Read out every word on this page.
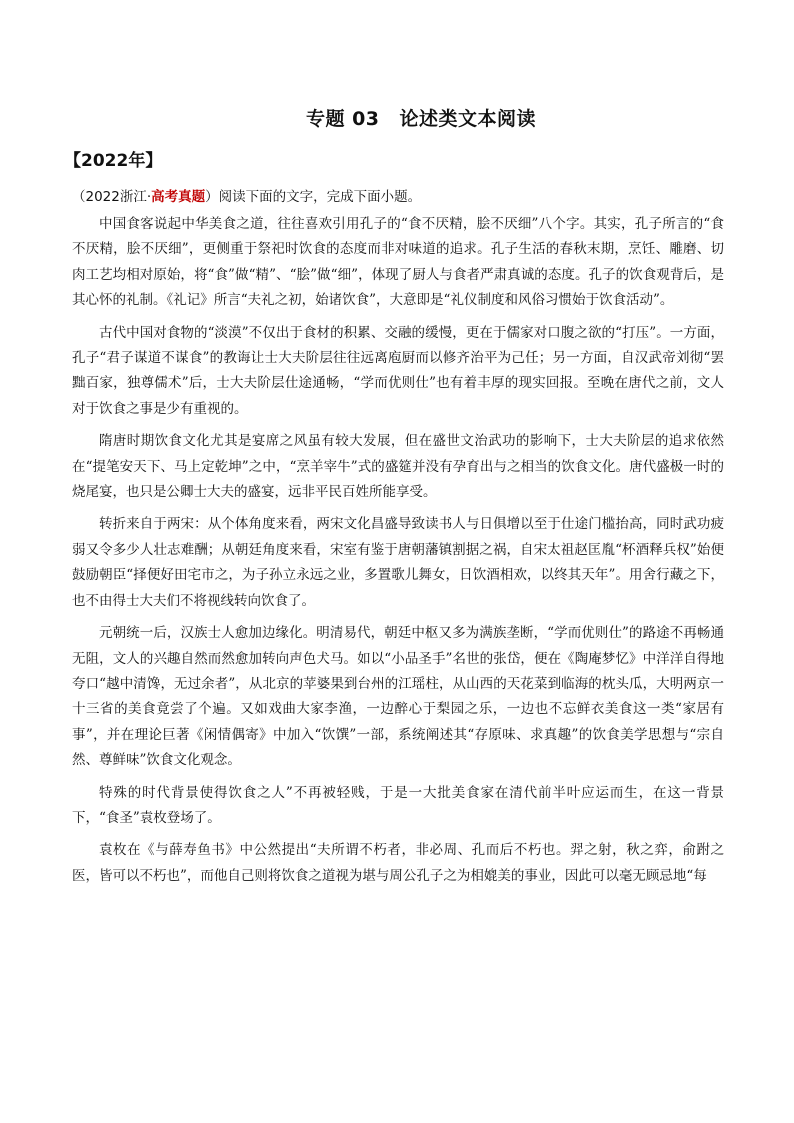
专题 03 论述类文本阅读
【2022年】
（2022浙江·高考真题）阅读下面的文字，完成下面小题。

中国食客说起中华美食之道，往往喜欢引用孔子的“食不厌精，脍不厌细”八个字。其实，孔子所言的“食不厌精，脍不厌细”，更侧重于祭祀时饮食的态度而非对味道的追求。孔子生活的春秋末期，烹饪、雕磨、切肉工艺均相对原始，将“食”做“精”、“脍”做“细”，体现了厨人与食者严肃真诚的态度。孔子的饮食观背后，是其心怀的礼制。《礼记》所言“夫礼之初，始诸饮食”，大意即是“礼仪制度和风俗习惯始于饮食活动”。

古代中国对食物的“淡漠”不仅出于食材的积累、交融的缓慢，更在于儒家对口腹之欲的“打压”。一方面，孔子“君子谋道不谋食”的教诲让士大夫阶层往往远离庖厨而以修齐治平为己任；另一方面，自汉武帝刘彻“罢黜百家，独尊儒术”后，士大夫阶层仕途通畅，“学而优则仕”也有着丰厚的现实回报。至晚在唐代之前，文人对于饮食之事是少有重视的。

隋唐时期饮食文化尤其是宴席之风虽有较大发展，但在盛世文治武功的影响下，士大夫阶层的追求依然在“提笔安天下、马上定乾坤”之中，“烹羊宰牛”式的盛筵并没有孕育出与之相当的饮食文化。唐代盛极一时的烧尾宴，也只是公卿士大夫的盛宴，远非平民百姓所能享受。

转折来自于两宋：从个体角度来看，两宋文化昌盛导致读书人与日俱增以至于仕途门槛抬高，同时武功疲弱又令多少人壮志难酬；从朝廷角度来看，宋室有鉴于唐朝藩镇割据之祸，自宋太祖赵匡胤“杯酒释兵权”始便鼓励朝臣“择便好田宅市之，为子孙立永远之业，多置歌儿舞女，日饮酒相欢，以终其天年”。用舍行藏之下，也不由得士大夫们不将视线转向饮食了。

元朝统一后，汉族士人愈加边缘化。明清易代，朝廷中枢又多为满族垄断，“学而优则仕”的路途不再畅通无阻，文人的兴趣自然而然愈加转向声色犬马。如以“小品圣手”名世的张岱，便在《陶庵梦忆》中洋洋自得地夸口“越中清馋，无过余者”，从北京的苹婆果到台州的江瑶柱，从山西的天花菜到临海的枕头瓜，大明两京一十三省的美食竟尝了个遍。又如戏曲大家李渔，一边醉心于梨园之乐，一边也不忘鲜衣美食这一类“家居有事”，并在理论巨著《闲情偶寄》中加入“饮馔”一部，系统阐述其“存原味、求真趣”的饮食美学思想与“宗自然、尊鲜味”饮食文化观念。

特殊的时代背景使得饮食之人”不再被轻贱，于是一大批美食家在清代前半叶应运而生，在这一背景下，“食圣”袁枚登场了。

袁枚在《与薛寿鱼书》中公然提出“夫所谓不朽者，非必周、孔而后不朽也。羿之射，秋之弈，俞跗之医，皆可以不朽也”，而他自己则将饮食之道视为堪与周公孔子之为相媲美的事业，因此可以毫无顾忌地“每
